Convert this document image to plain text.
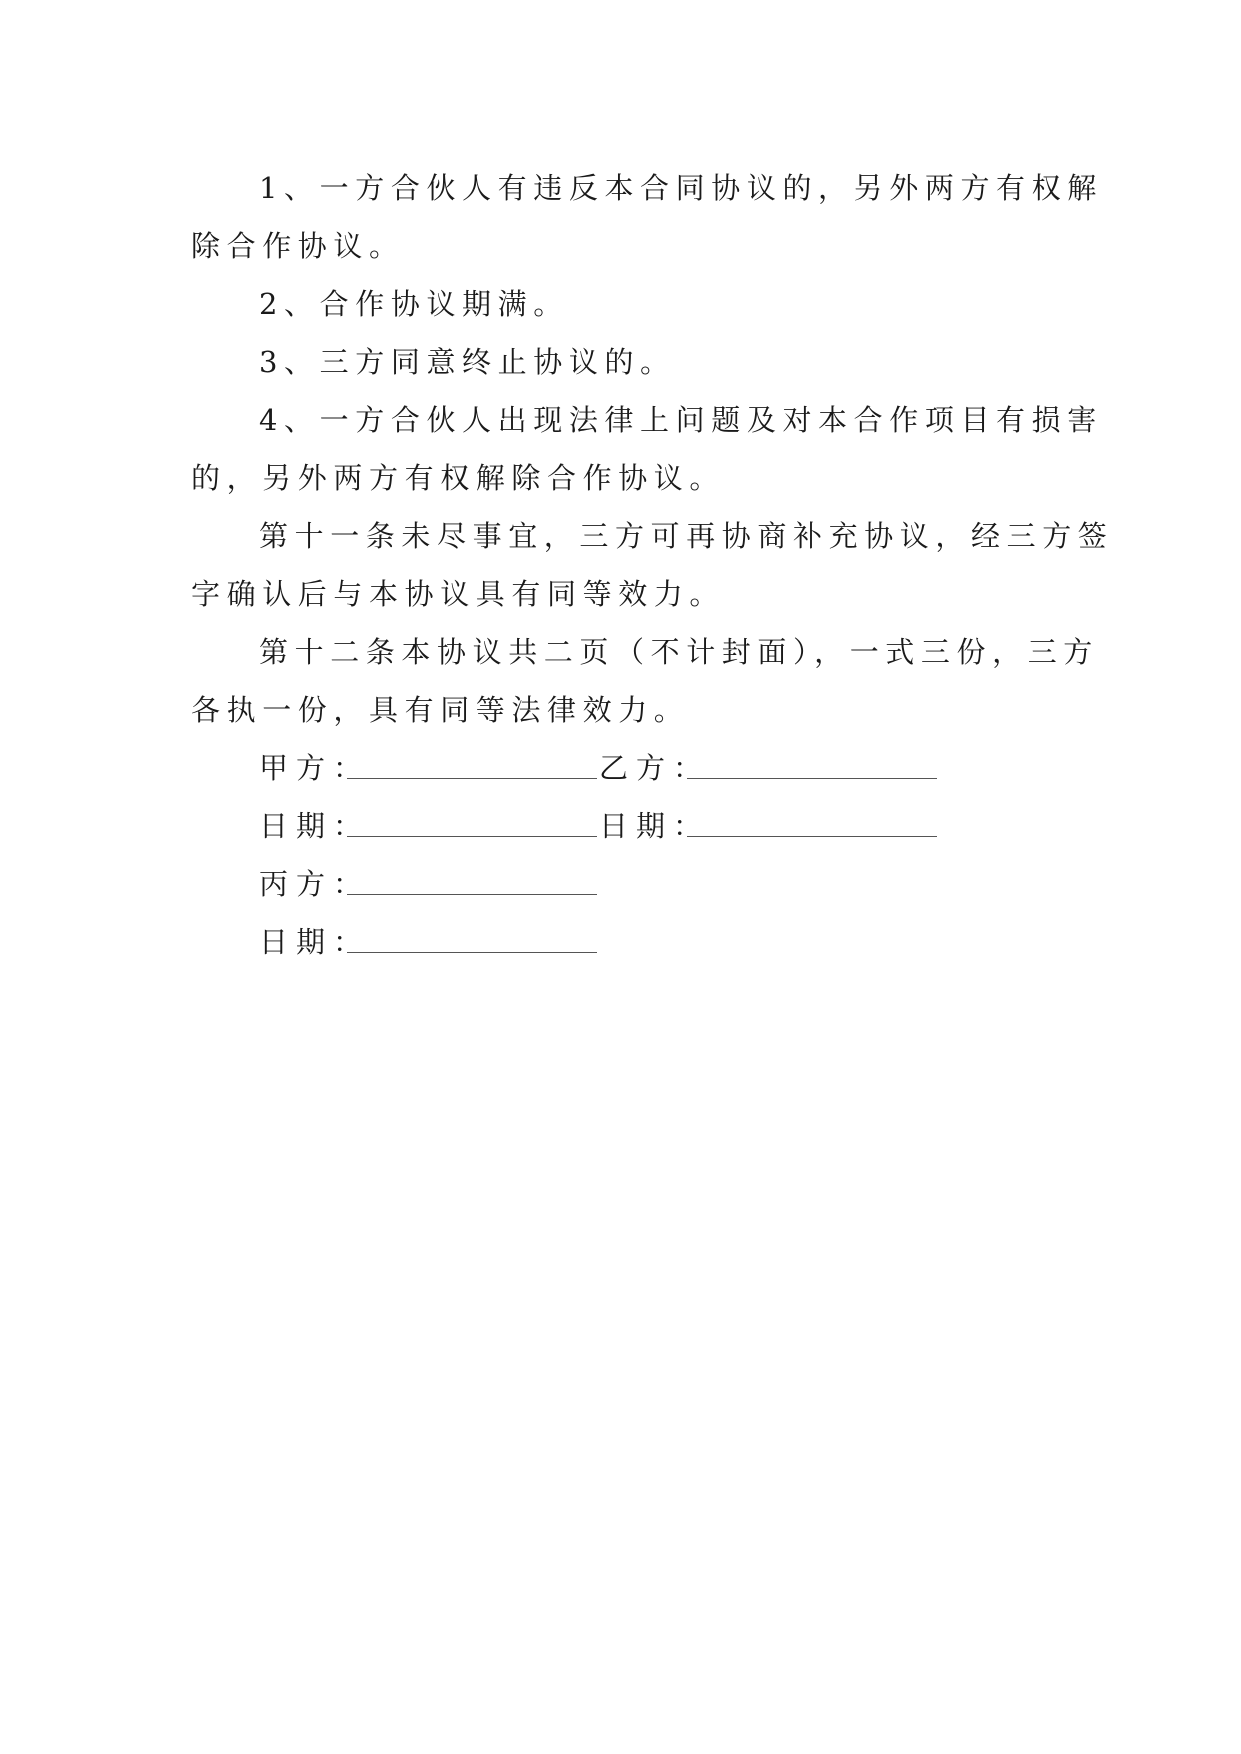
1、一方合伙人有违反本合同协议的，另外两方有权解
除合作协议。
2、合作协议期满。
3、三方同意终止协议的。
4、一方合伙人出现法律上问题及对本合作项目有损害
的，另外两方有权解除合作协议。
第十一条未尽事宜，三方可再协商补充协议，经三方签
字确认后与本协议具有同等效力。
第十二条本协议共二页（不计封面），一式三份，三方
各执一份，具有同等法律效力。
甲方：	乙方：
日期：	日期：
丙方：
日期：
